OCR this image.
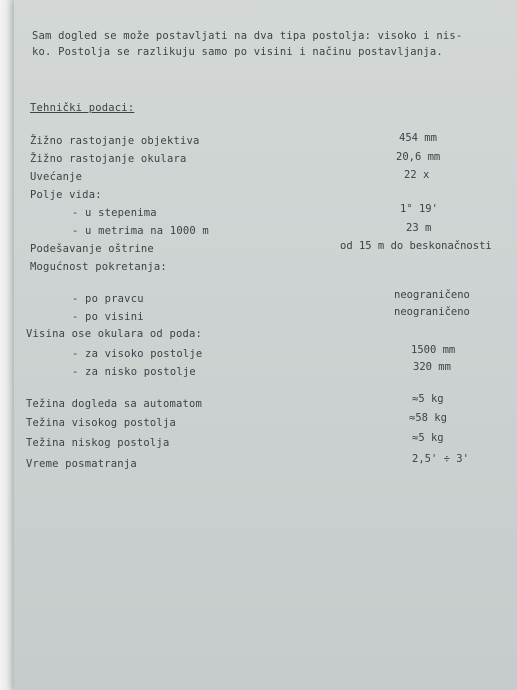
Sam dogled se može postavljati na dva tipa postolja: visoko i nis-
ko. Postolja se razlikuju samo po visini i načinu postavljanja.
Tehnički podaci:
Žižno rastojanje objektiva	454 mm
Žižno rastojanje okulara	20,6 mm
Uvećanje	22 x
Polje vida:
- u stepenima	1° 19'
- u metrima na 1000 m	23 m
Podešavanje oštrine	od 15 m do beskonačnosti
Mogućnost pokretanja:
- po pravcu	neograničeno
- po visini	neograničeno
Visina ose okulara od poda:
- za visoko postolje	1500 mm
- za nisko postolje	320 mm
Težina dogleda sa automatom	≈5 kg
Težina visokog postolja	≈58 kg
Težina niskog postolja	≈5 kg
Vreme posmatranja	2,5' ÷ 3'
